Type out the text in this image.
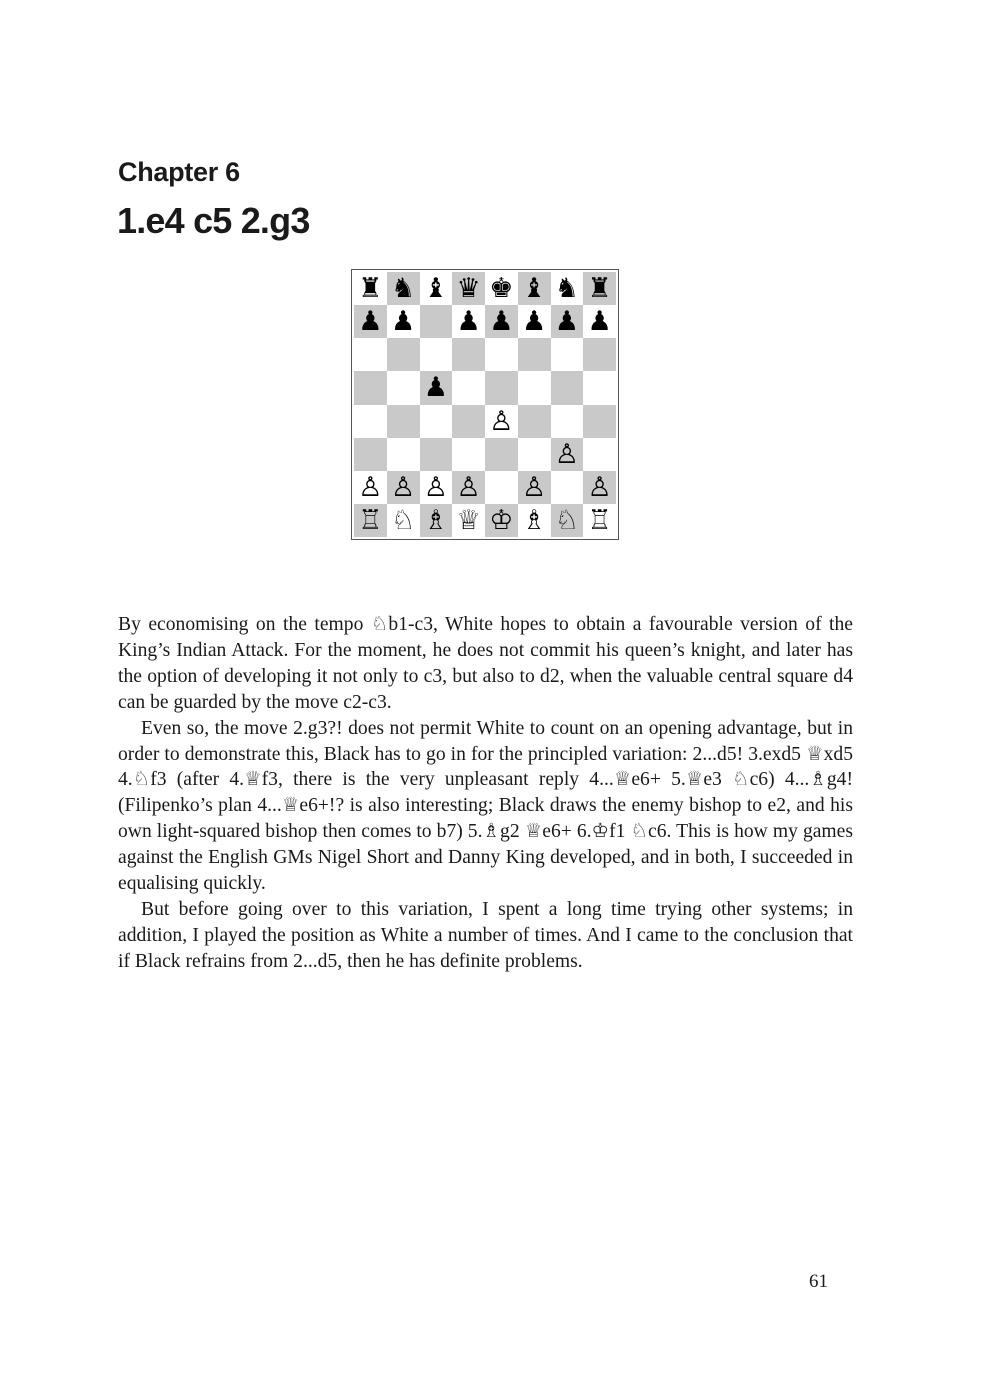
Chapter 6
1.e4 c5 2.g3
♜ ♞ ♝ ♛ ♚ ♝ ♞ ♜
♟ ♟ ♟ ♟ ♟ ♟ ♟
♟
♙
♙
♙ ♙ ♙ ♙ ♙ ♙
♖ ♘ ♗ ♕ ♔ ♗ ♘ ♖

By economising on the tempo ♘b1-c3, White hopes to obtain a favourable version of the King’s Indian Attack. For the moment, he does not commit his queen’s knight, and later has the option of developing it not only to c3, but also to d2, when the valuable central square d4 can be guarded by the move c2-c3.

Even so, the move 2.g3?! does not permit White to count on an opening advantage, but in order to demonstrate this, Black has to go in for the principled variation: 2...d5! 3.exd5 ♕xd5 4.♘f3 (after 4.♕f3, there is the very unpleasant reply 4...♕e6+ 5.♕e3 ♘c6) 4...♗g4! (Filipenko’s plan 4...♕e6+!? is also interesting; Black draws the enemy bishop to e2, and his own light-squared bishop then comes to b7) 5.♗g2 ♕e6+ 6.♔f1 ♘c6. This is how my games against the English GMs Nigel Short and Danny King developed, and in both, I succeeded in equalising quickly.

But before going over to this variation, I spent a long time trying other systems; in addition, I played the position as White a number of times. And I came to the conclusion that if Black refrains from 2...d5, then he has definite problems.

61
